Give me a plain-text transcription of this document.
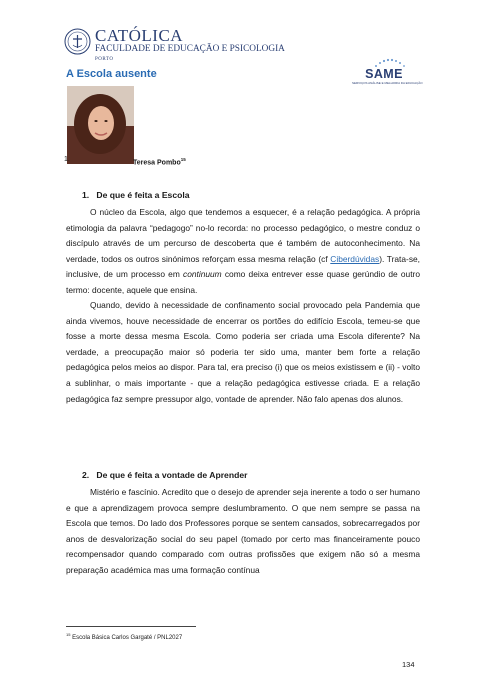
CATÓLICA
FACULDADE DE EDUCAÇÃO E PSICOLOGIA
PORTO
SAME
SERVIÇOS ANÁLISE E MELHORIA DA EDUCAÇÃO
A Escola ausente
1.	Teresa Pombo$^{15}$
1. De que é feita a Escola

O núcleo da Escola, algo que tendemos a esquecer, é a relação pedagógica. A própria etimologia da palavra “pedagogo” no-lo recorda: no processo pedagógico, o mestre conduz o discípulo através de um percurso de descoberta que é também de autoconhecimento. Na verdade, todos os outros sinónimos reforçam essa mesma relação (cf Ciberdúvidas). Trata-se, inclusive, de um processo em continuum como deixa entrever esse quase gerúndio de outro termo: docente, aquele que ensina.

Quando, devido à necessidade de confinamento social provocado pela Pandemia que ainda vivemos, houve necessidade de encerrar os portões do edifício Escola, temeu-se que fosse a morte dessa mesma Escola. Como poderia ser criada uma Escola diferente? Na verdade, a preocupação maior só poderia ter sido uma, manter bem forte a relação pedagógica pelos meios ao dispor. Para tal, era preciso (i) que os meios existissem e (ii) - volto a sublinhar, o mais importante - que a relação pedagógica estivesse criada. E a relação pedagógica faz sempre pressupor algo, vontade de aprender. Não falo apenas dos alunos.

2. De que é feita a vontade de Aprender

Mistério e fascínio. Acredito que o desejo de aprender seja inerente a todo o ser humano e que a aprendizagem provoca sempre deslumbramento. O que nem sempre se passa na Escola que temos. Do lado dos Professores porque se sentem cansados, sobrecarregados por anos de desvalorização social do seu papel (tomado por certo mas financeiramente pouco recompensador quando comparado com outras profissões que exigem não só a mesma preparação académica mas uma formação contínua

$^{15}$ Escola Básica Carlos Gargaté / PNL2027
134
